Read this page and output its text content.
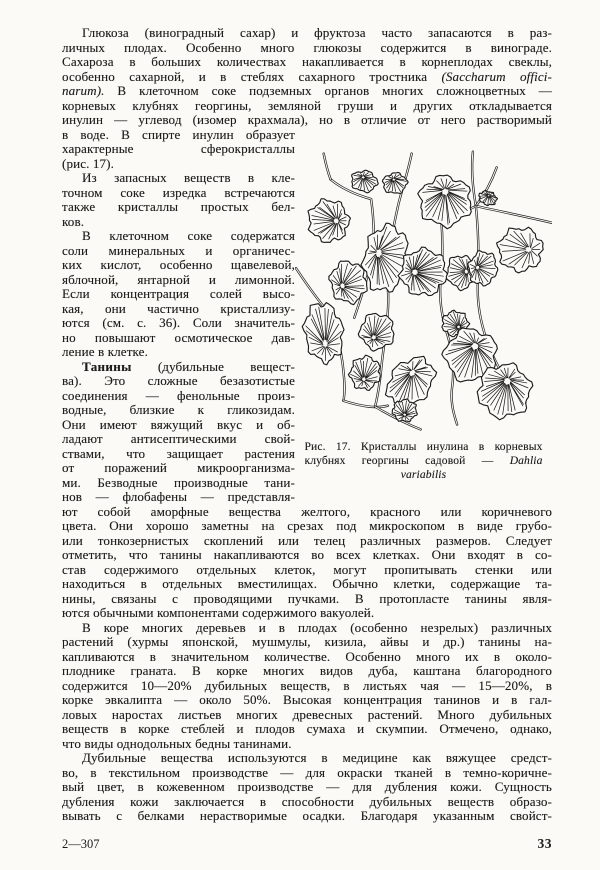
Глюкоза (виноградный сахар) и фруктоза часто запасаются в раз-
личных плодах. Особенно много глюкозы содержится в винограде.
Сахароза в больших количествах накапливается в корнеплодах свеклы,
особенно сахарной, и в стеблях сахарного тростника (Saccharum offici-
narum). В клеточном соке подземных органов многих сложноцветных —
корневых клубнях георгины, земляной груши и других откладывается
инулин — углевод (изомер крахмала), но в отличие от него растворимый
в воде. В спирте инулин образует
характерные сферокристаллы
(рис. 17).
Из запасных веществ в кле-
точном соке изредка встречаются
также кристаллы простых бел-
ков.
В клеточном соке содержатся
соли минеральных и органичес-
ких кислот, особенно щавелевой,
яблочной, янтарной и лимонной.
Если концентрация солей высо-
кая, они частично кристаллизу-
ются (см. с. 36). Соли значитель-
но повышают осмотическое дав-
ление в клетке.
Танины (дубильные вещест-
ва). Это сложные безазотистые
соединения — фенольные произ-
водные, близкие к гликозидам.
Они имеют вяжущий вкус и об-
ладают антисептическими свой-
ствами, что защищает растения
от поражений микроорганизма-
ми. Безводные производные тани-
нов — флобафены — представля-
Рис. 17. Кристаллы инулина в корневых
клубнях георгины садовой — Dahlia
variabilis
ют собой аморфные вещества желтого, красного или коричневого
цвета. Они хорошо заметны на срезах под микроскопом в виде грубо-
или тонкозернистых скоплений или телец различных размеров. Следует
отметить, что танины накапливаются во всех клетках. Они входят в со-
став содержимого отдельных клеток, могут пропитывать стенки или
находиться в отдельных вместилищах. Обычно клетки, содержащие та-
нины, связаны с проводящими пучками. В протопласте танины явля-
ются обычными компонентами содержимого вакуолей.
В коре многих деревьев и в плодах (особенно незрелых) различных
растений (хурмы японской, мушмулы, кизила, айвы и др.) танины на-
капливаются в значительном количестве. Особенно много их в около-
плоднике граната. В корке многих видов дуба, каштана благородного
содержится 10—20% дубильных веществ, в листьях чая — 15—20%, в
корке эвкалипта — около 50%. Высокая концентрация танинов и в гал-
ловых наростах листьев многих древесных растений. Много дубильных
веществ в корке стеблей и плодов сумаха и скумпии. Отмечено, однако,
что виды однодольных бедны танинами.
Дубильные вещества используются в медицине как вяжущее средст-
во, в текстильном производстве — для окраски тканей в темно-коричне-
вый цвет, в кожевенном производстве — для дубления кожи. Сущность
дубления кожи заключается в способности дубильных веществ образо-
вывать с белками нерастворимые осадки. Благодаря указанным свойст-
2—307	33
